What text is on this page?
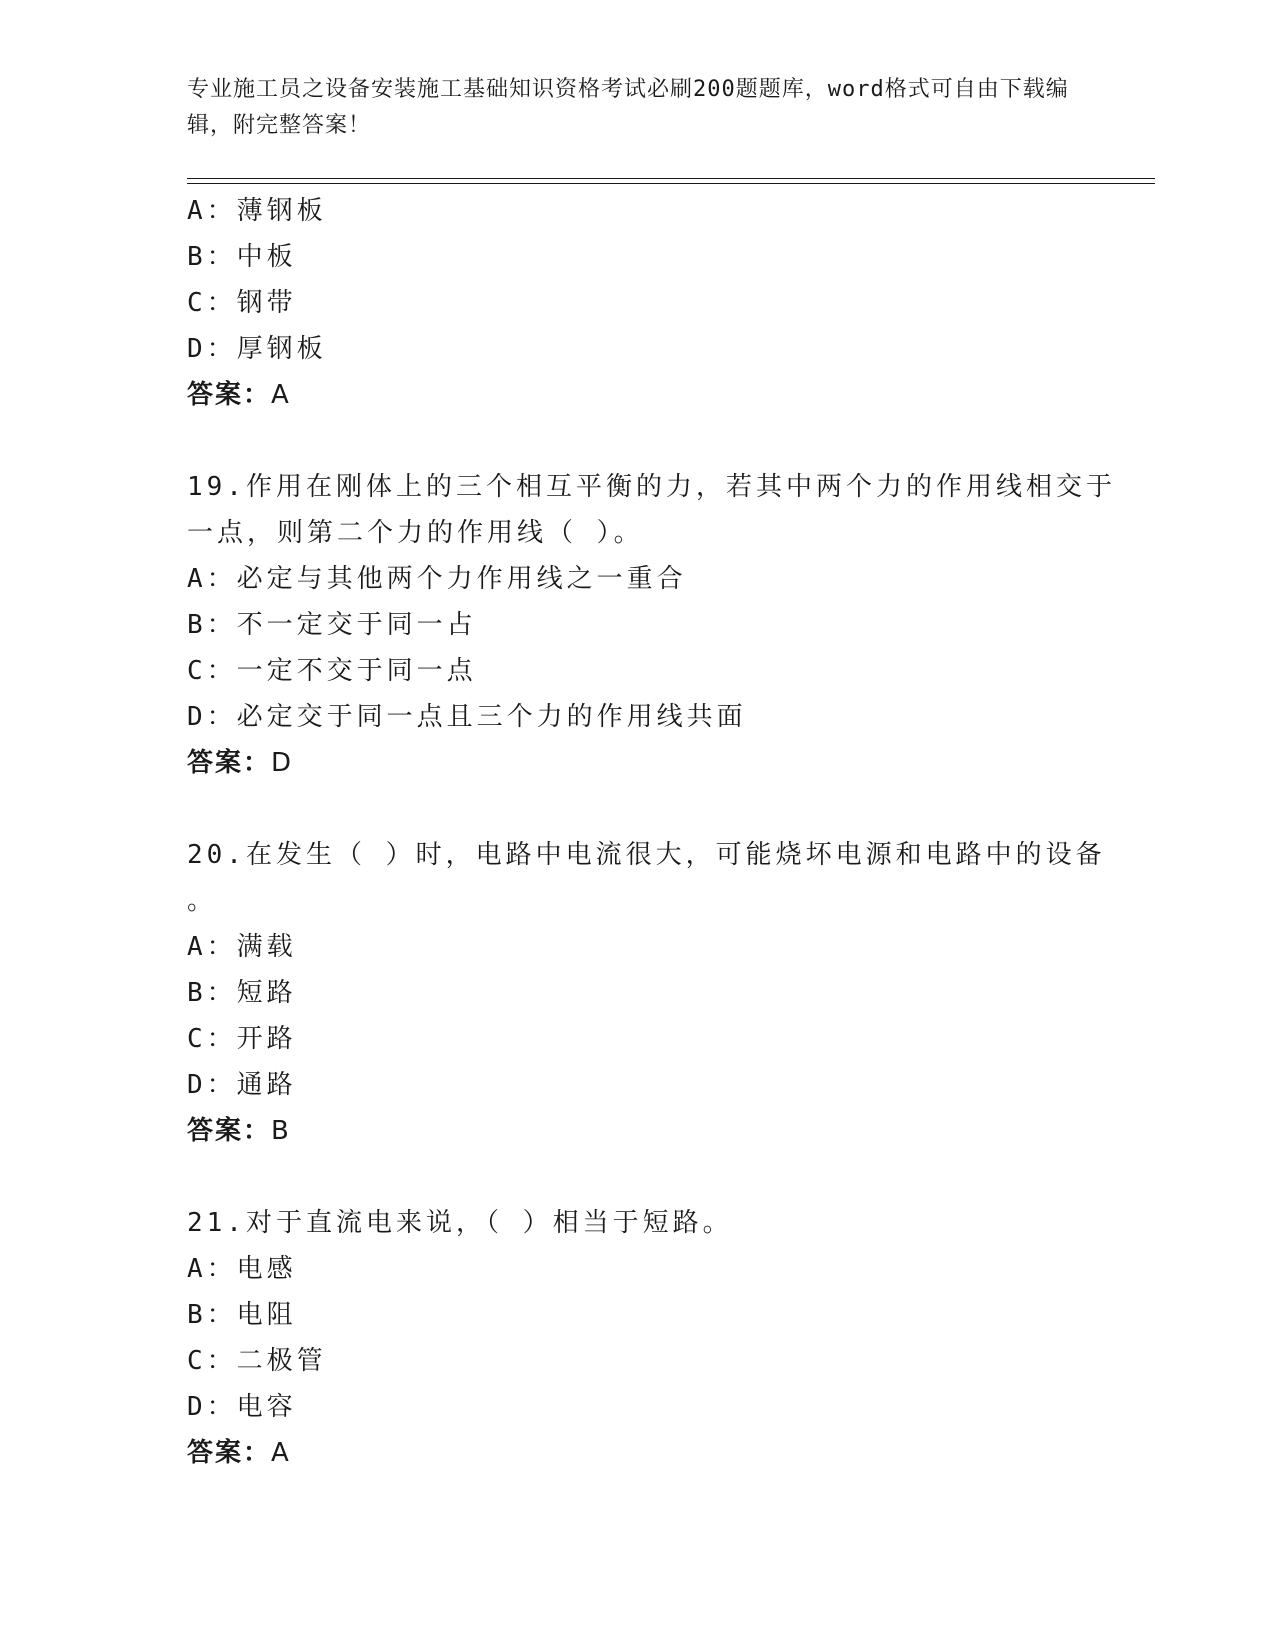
专业施工员之设备安装施工基础知识资格考试必刷200题题库，word格式可自由下载编辑，附完整答案！
A：薄钢板
B：中板
C：钢带
D：厚钢板
答案：A
19.作用在刚体上的三个相互平衡的力，若其中两个力的作用线相交于
一点，则第二个力的作用线（ ）。
A：必定与其他两个力作用线之一重合
B：不一定交于同一占
C：一定不交于同一点
D：必定交于同一点且三个力的作用线共面
答案：D
20.在发生（ ）时，电路中电流很大，可能烧坏电源和电路中的设备
。
A：满载
B：短路
C：开路
D：通路
答案：B
21.对于直流电来说，（ ）相当于短路。
A：电感
B：电阻
C：二极管
D：电容
答案：A
